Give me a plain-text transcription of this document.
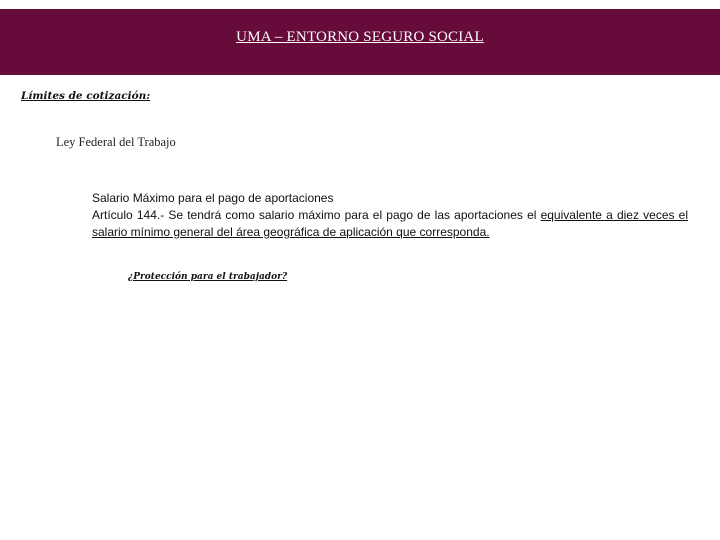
UMA – ENTORNO SEGURO SOCIAL
Límites de cotización:
Ley Federal del Trabajo
Salario Máximo para el pago de aportaciones
Artículo 144.- Se tendrá como salario máximo para el pago de las aportaciones el equivalente a diez veces el salario mínimo general del área geográfica de aplicación que corresponda.
¿Protección para el trabajador?
